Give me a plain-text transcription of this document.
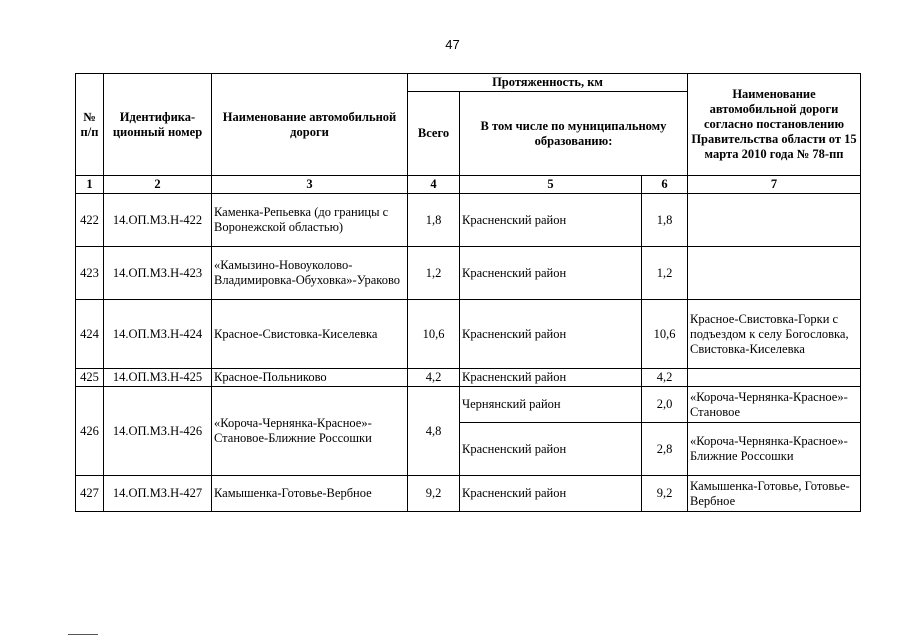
47
№ п/п	Идентифика-ционный номер	Наименование автомобильной дороги	Протяженность, км			Наименование автомобильной дороги согласно постановлению Правительства области от 15 марта 2010 года № 78-пп
			Всего	В том числе по муниципальному образованию:		
1	2	3	4	5	6	7
422	14.ОП.МЗ.Н-422	Каменка-Репьевка (до границы с Воронежской областью)	1,8	Красненский район	1,8	
423	14.ОП.МЗ.Н-423	«Камызино-Новоуколово-Владимировка-Обуховка»-Ураково	1,2	Красненский район	1,2	
424	14.ОП.МЗ.Н-424	Красное-Свистовка-Киселевка	10,6	Красненский район	10,6	Красное-Свистовка-Горки с подъездом к селу Богословка, Свистовка-Киселевка
425	14.ОП.МЗ.Н-425	Красное-Польниково	4,2	Красненский район	4,2	
426	14.ОП.МЗ.Н-426	«Короча-Чернянка-Красное»-Становое-Ближние Россошки	4,8	Чернянский район	2,0	«Короча-Чернянка-Красное»-Становое
				Красненский район	2,8	«Короча-Чернянка-Красное»-Ближние Россошки
427	14.ОП.МЗ.Н-427	Камышенка-Готовье-Вербное	9,2	Красненский район	9,2	Камышенка-Готовье, Готовье-Вербное
